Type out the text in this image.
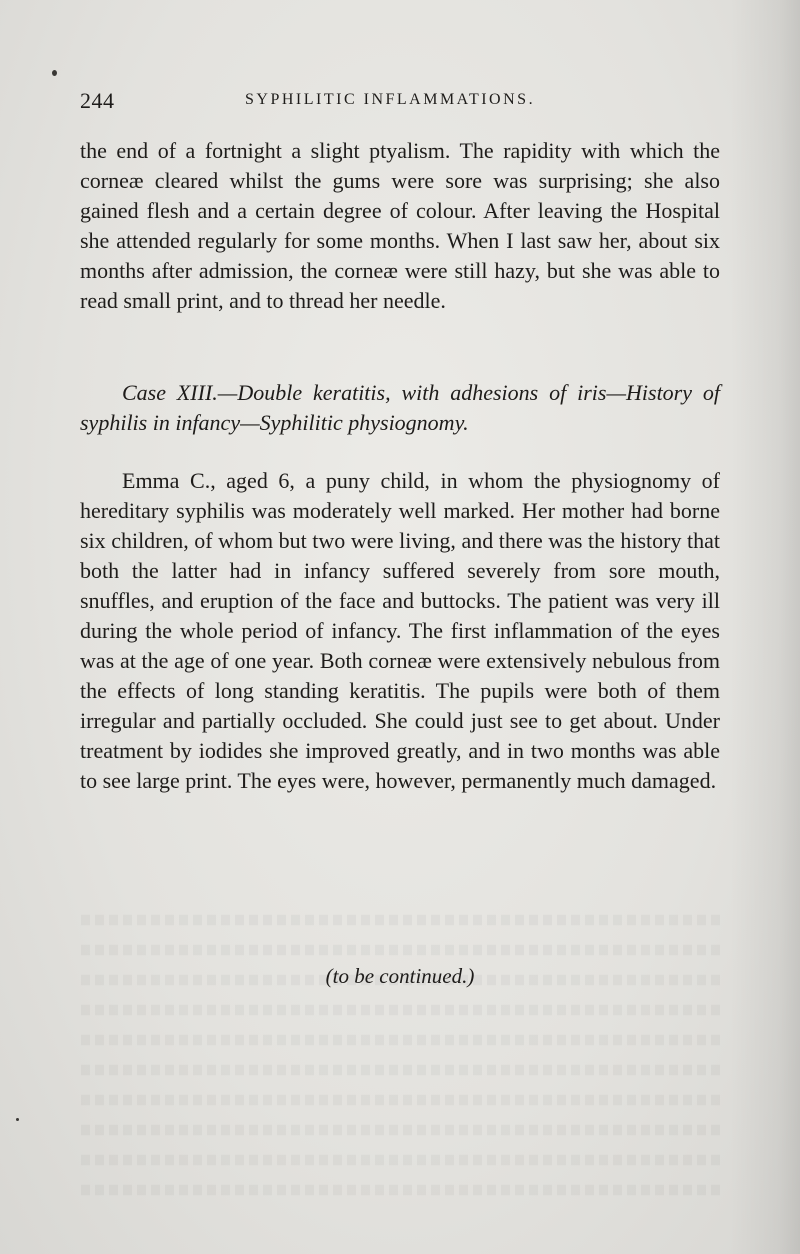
244	SYPHILITIC INFLAMMATIONS.

the end of a fortnight a slight ptyalism. The rapidity with which the corneæ cleared whilst the gums were sore was surprising; she also gained flesh and a certain degree of colour. After leaving the Hospital she attended regularly for some months. When I last saw her, about six months after admission, the corneæ were still hazy, but she was able to read small print, and to thread her needle.

Case XIII.—Double keratitis, with adhesions of iris—History of syphilis in infancy—Syphilitic physiognomy.

Emma C., aged 6, a puny child, in whom the physiognomy of hereditary syphilis was moderately well marked. Her mother had borne six children, of whom but two were living, and there was the history that both the latter had in infancy suffered severely from sore mouth, snuffles, and eruption of the face and buttocks. The patient was very ill during the whole period of infancy. The first inflammation of the eyes was at the age of one year. Both corneæ were extensively nebulous from the effects of long standing keratitis. The pupils were both of them irregular and partially occluded. She could just see to get about. Under treatment by iodides she improved greatly, and in two months was able to see large print. The eyes were, however, permanently much damaged.

(to be continued.)
